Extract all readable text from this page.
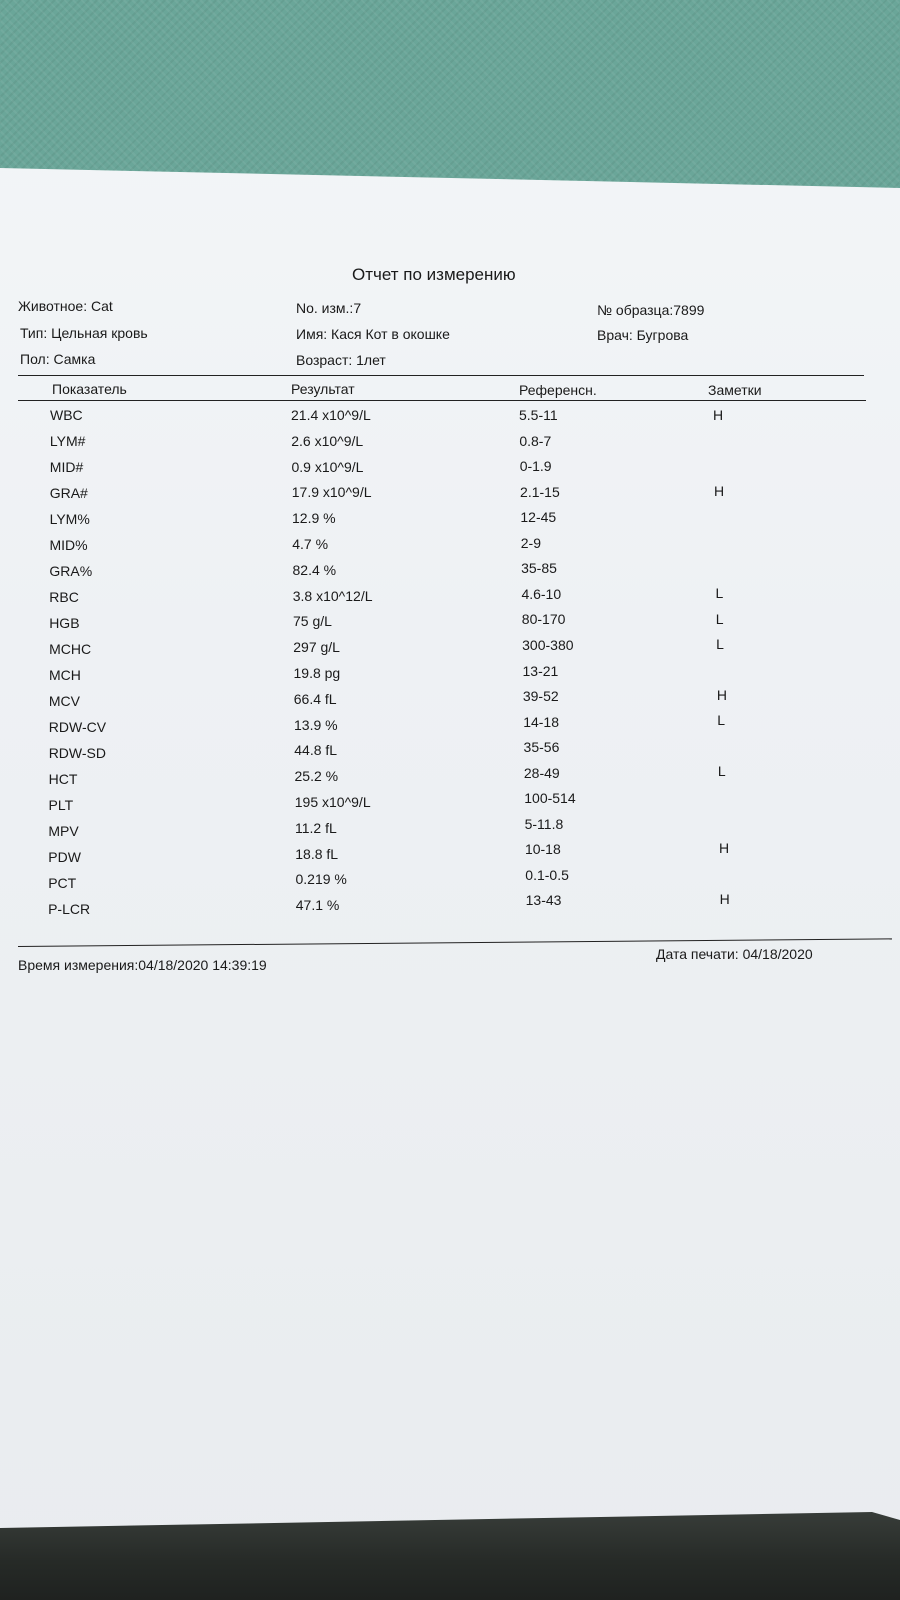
Отчет по измерению
Животное: Cat
Тип: Цельная кровь
Пол: Самка
No. изм.:7
Имя: Кася Кот в окошке
Возраст: 1лет
№ образца:7899
Врач: Бугрова
Показатель	Результат	Референсн.	Заметки
WBC	21.4 x10^9/L	5.5-11	H
LYM#	2.6 x10^9/L	0.8-7
MID#	0.9 x10^9/L	0-1.9
GRA#	17.9 x10^9/L	2.1-15	H
LYM%	12.9 %	12-45
MID%	4.7 %	2-9
GRA%	82.4 %	35-85
RBC	3.8 x10^12/L	4.6-10	L
HGB	75 g/L	80-170	L
MCHC	297 g/L	300-380	L
MCH	19.8 pg	13-21
MCV	66.4 fL	39-52	H
RDW-CV	13.9 %	14-18	L
RDW-SD	44.8 fL	35-56
HCT	25.2 %	28-49	L
PLT	195 x10^9/L	100-514
MPV	11.2 fL	5-11.8
PDW	18.8 fL	10-18	H
PCT	0.219 %	0.1-0.5
P-LCR	47.1 %	13-43	H
Время измерения:04/18/2020 14:39:19
Дата печати: 04/18/2020
